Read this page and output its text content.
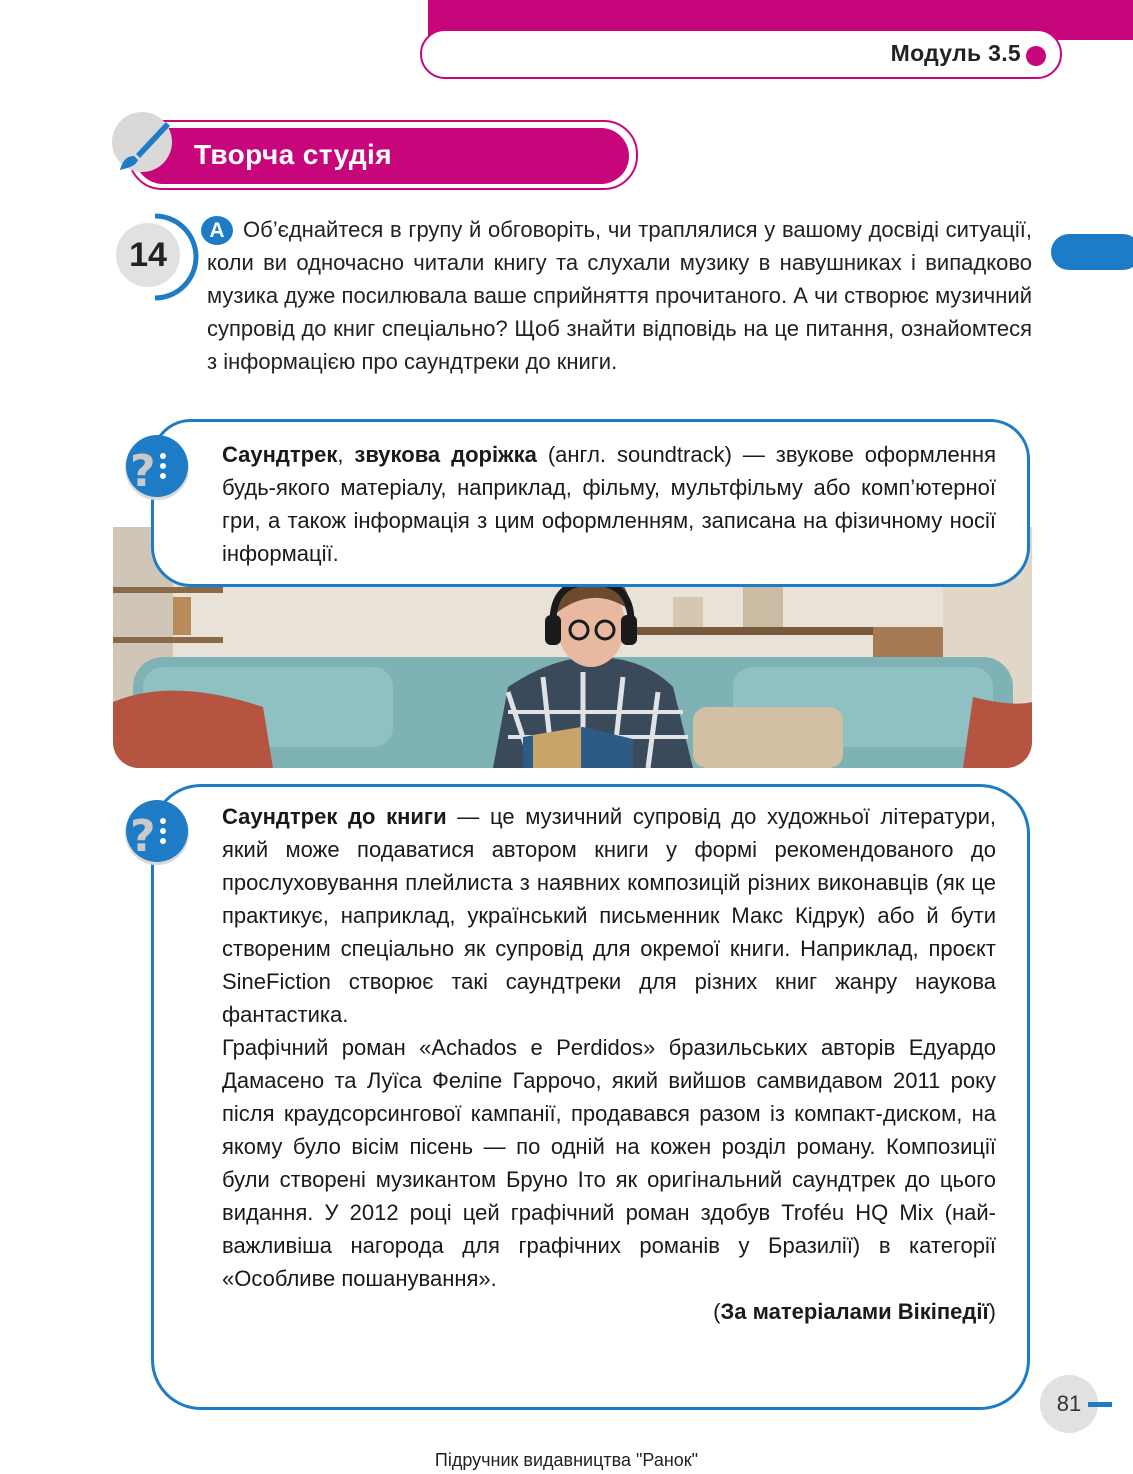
Модуль 3.5
Творча студія
14
А Об’єднайтеся в групу й обговоріть, чи траплялися у вашому досвіді ситуації, коли ви одночасно читали книгу та слухали музику в навушниках і випадково музика дуже посилювала ваше сприйняття прочитаного. А чи створює музичний супровід до книг спеціально? Щоб знайти відповідь на це питання, ознайомтеся з інформацією про саундтреки до книги.
?	Саундтрек, звукова доріжка (англ. soundtrack) — звукове оформлення будь-якого матеріалу, наприклад, фільму, мультфільму або комп’ютерної гри, а також інформація з цим оформленням, записана на фізичному носії інформації.
?	Саундтрек до книги — це музичний супровід до художньої літератури, який може подаватися автором книги у формі рекомендованого до прослуховування плейлиста з наявних композицій різних виконавців (як це практикує, наприклад, український письменник Макс Кідрук) або й бути створеним спеціально як супровід для окремої книги. Наприклад, проєкт SineFiction створює такі саундтреки для різних книг жанру наукова фантастика.

Графічний роман «Achados e Perdidos» бразильських авторів Едуардо Дамасено та Луїса Феліпе Гаррочо, який вийшов самвидавом 2011 року після краудсорсингової кампанії, продавався разом із компакт-диском, на якому було вісім пісень — по одній на кожен розділ роману. Композиції були створені музикантом Бруно Іто як оригінальний саундтрек до цього видання. У 2012 році цей графічний роман здобув Troféu HQ Mix (найважливіша нагорода для графічних романів у Бразилії) в категорії «Особливе пошанування».

(За матеріалами Вікіпедії)

81
Підручник видавництва "Ранок"
